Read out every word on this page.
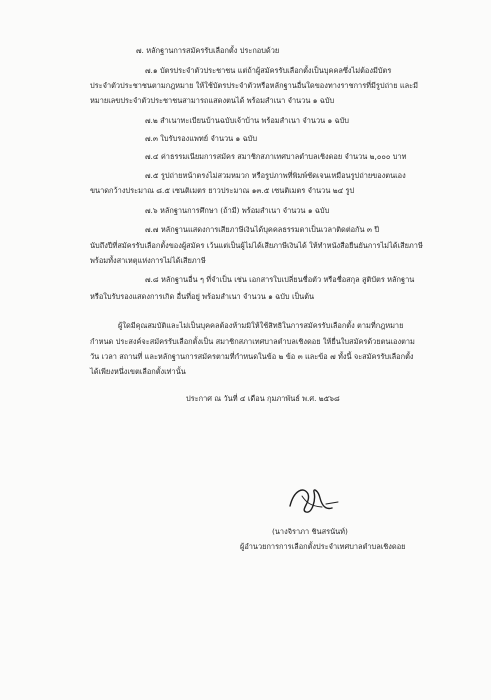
๗. หลักฐานการสมัครรับเลือกตั้ง ประกอบด้วย

๗.๑ บัตรประจำตัวประชาชน แต่ถ้าผู้สมัครรับเลือกตั้งเป็นบุคคลซึ่งไม่ต้องมีบัตร

ประจำตัวประชาชนตามกฎหมาย ให้ใช้บัตรประจำตัวหรือหลักฐานอื่นใดของทางราชการที่มีรูปถ่าย และมี

หมายเลขประจำตัวประชาชนสามารถแสดงตนได้ พร้อมสำเนา จำนวน ๑ ฉบับ

๗.๒ สำเนาทะเบียนบ้านฉบับเจ้าบ้าน พร้อมสำเนา จำนวน ๑ ฉบับ

๗.๓ ใบรับรองแพทย์ จำนวน ๑ ฉบับ

๗.๔ ค่าธรรมเนียมการสมัคร สมาชิกสภาเทศบาลตำบลเชิงดอย จำนวน ๒,๐๐๐ บาท

๗.๕ รูปถ่ายหน้าตรงไม่สวมหมวก หรือรูปภาพที่พิมพ์ชัดเจนเหมือนรูปถ่ายของตนเอง

ขนาดกว้างประมาณ ๘.๕ เซนติเมตร ยาวประมาณ ๑๓.๕ เซนติเมตร จำนวน ๒๔ รูป

๗.๖ หลักฐานการศึกษา (ถ้ามี) พร้อมสำเนา จำนวน ๑ ฉบับ

๗.๗ หลักฐานแสดงการเสียภาษีเงินได้บุคคลธรรมดาเป็นเวลาติดต่อกัน ๓ ปี

นับถึงปีที่สมัครรับเลือกตั้งของผู้สมัคร เว้นแต่เป็นผู้ไม่ได้เสียภาษีเงินได้ ให้ทำหนังสือยืนยันการไม่ได้เสียภาษี

พร้อมทั้งสาเหตุแห่งการไม่ได้เสียภาษี

๗.๘ หลักฐานอื่น ๆ ที่จำเป็น เช่น เอกสารใบเปลี่ยนชื่อตัว หรือชื่อสกุล สูติบัตร หลักฐาน

หรือใบรับรองแสดงการเกิด อื่นที่อยู่ พร้อมสำเนา จำนวน ๑ ฉบับ เป็นต้น

ผู้ใดมีคุณสมบัติและไม่เป็นบุคคลต้องห้ามมิให้ใช้สิทธิในการสมัครรับเลือกตั้ง ตามที่กฎหมาย

กำหนด ประสงค์จะสมัครรับเลือกตั้งเป็น สมาชิกสภาเทศบาลตำบลเชิงดอย ให้ยื่นใบสมัครด้วยตนเองตาม

วัน เวลา สถานที่ และหลักฐานการสมัครตามที่กำหนดในข้อ ๒ ข้อ ๓ และข้อ ๗ ทั้งนี้ จะสมัครรับเลือกตั้ง

ได้เพียงหนึ่งเขตเลือกตั้งเท่านั้น

ประกาศ ณ วันที่ ๔ เดือน กุมภาพันธ์ พ.ศ. ๒๕๖๘

(นางจิราภา ชินสรนันท์)

ผู้อำนวยการการเลือกตั้งประจำเทศบาลตำบลเชิงดอย
